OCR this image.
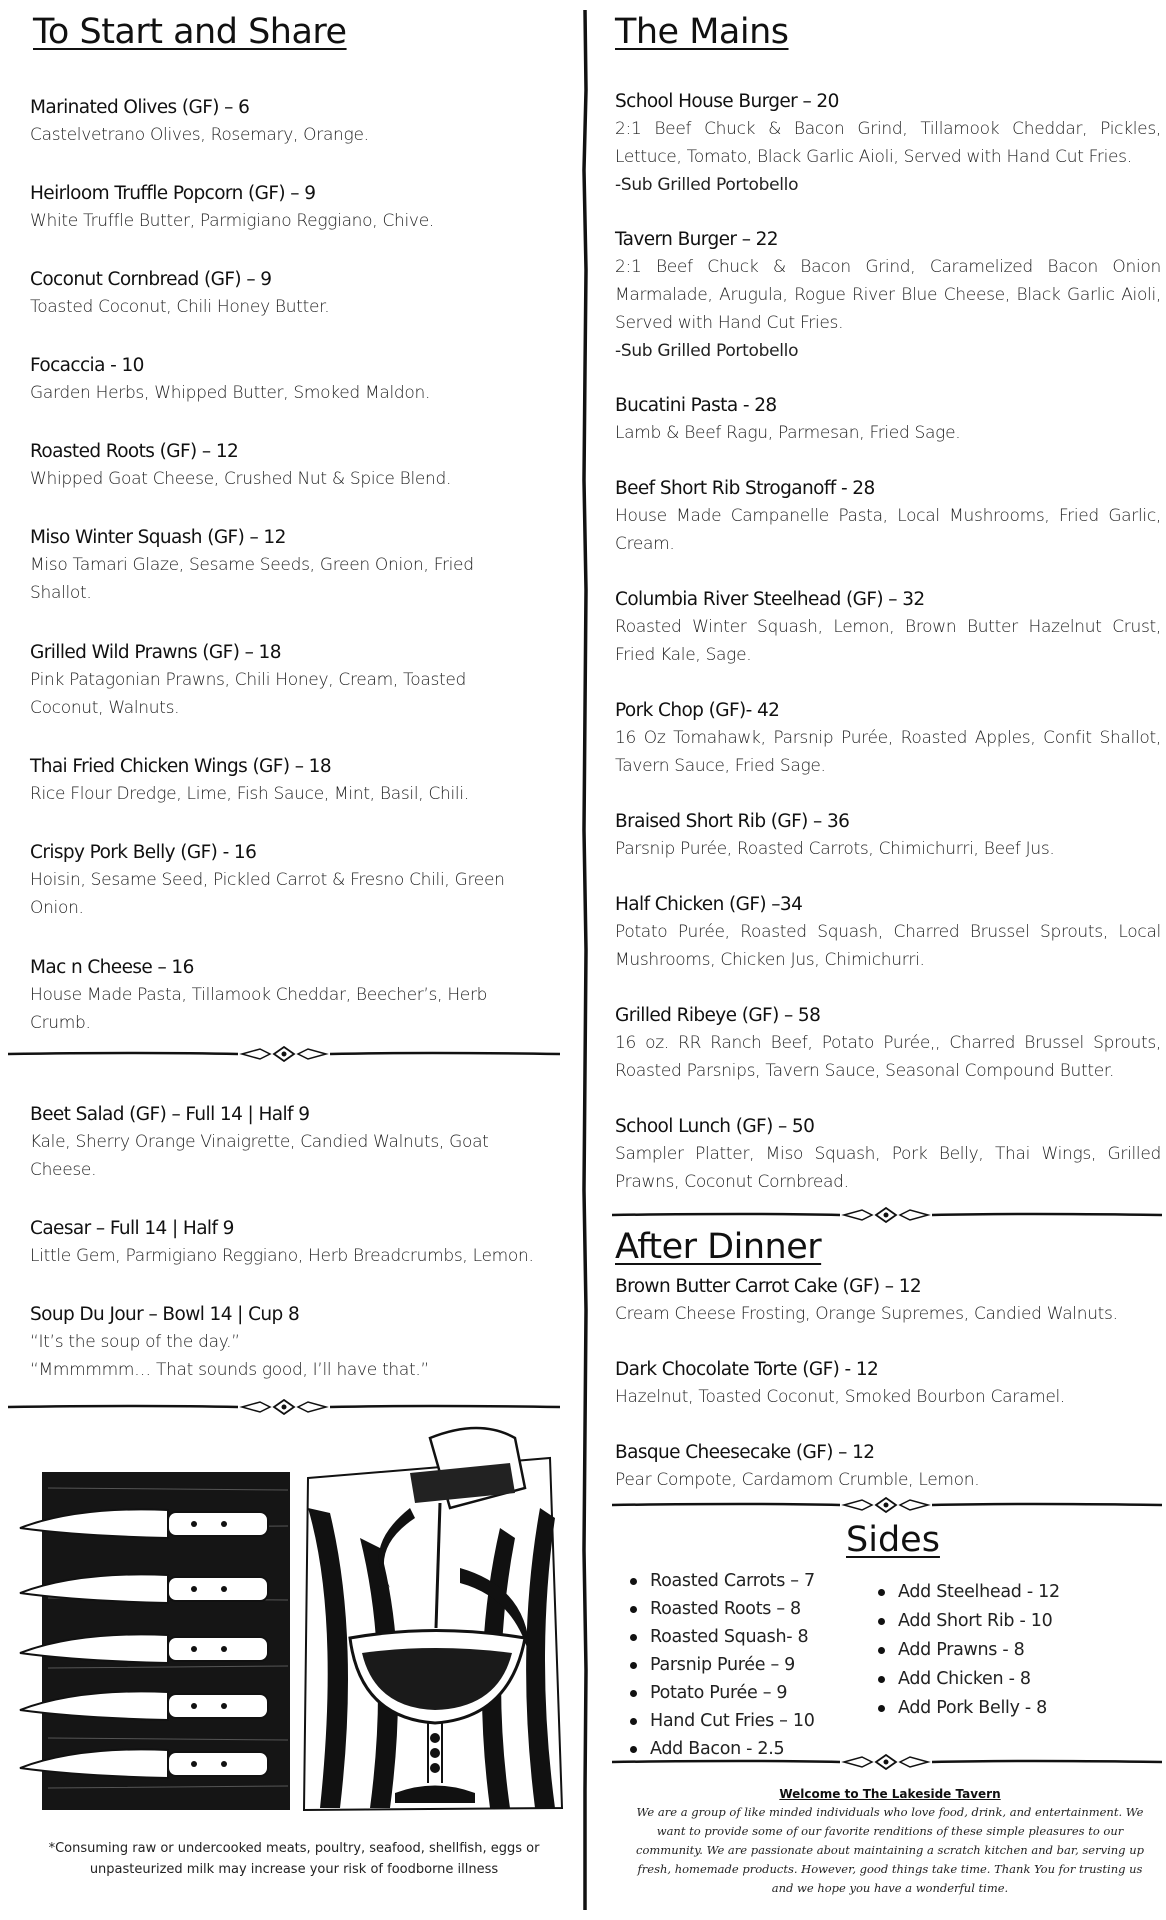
To Start and Share
Marinated Olives (GF) – 6
Castelvetrano Olives, Rosemary, Orange.
Heirloom Truffle Popcorn (GF) – 9
White Truffle Butter, Parmigiano Reggiano, Chive.
Coconut Cornbread (GF) – 9
Toasted Coconut, Chili Honey Butter.
Focaccia - 10
Garden Herbs, Whipped Butter, Smoked Maldon.
Roasted Roots (GF) – 12
Whipped Goat Cheese, Crushed Nut & Spice Blend.
Miso Winter Squash (GF) – 12
Miso Tamari Glaze, Sesame Seeds, Green Onion, Fried Shallot.
Grilled Wild Prawns (GF) – 18
Pink Patagonian Prawns, Chili Honey, Cream, Toasted Coconut, Walnuts.
Thai Fried Chicken Wings (GF) – 18
Rice Flour Dredge, Lime, Fish Sauce, Mint, Basil, Chili.
Crispy Pork Belly (GF) - 16
Hoisin, Sesame Seed, Pickled Carrot & Fresno Chili, Green Onion.
Mac n Cheese – 16
House Made Pasta, Tillamook Cheddar, Beecher’s, Herb Crumb.
Beet Salad (GF) – Full 14 | Half 9
Kale, Sherry Orange Vinaigrette, Candied Walnuts, Goat Cheese.
Caesar – Full 14 | Half 9
Little Gem, Parmigiano Reggiano, Herb Breadcrumbs, Lemon.
Soup Du Jour – Bowl 14 | Cup 8
“It’s the soup of the day.”
“Mmmmmm… That sounds good, I’ll have that.”
*Consuming raw or undercooked meats, poultry, seafood, shellfish, eggs or unpasteurized milk may increase your risk of foodborne illness
The Mains
School House Burger – 20
2:1 Beef Chuck & Bacon Grind, Tillamook Cheddar, Pickles, Lettuce, Tomato, Black Garlic Aioli, Served with Hand Cut Fries.
-Sub Grilled Portobello
Tavern Burger – 22
2:1 Beef Chuck & Bacon Grind, Caramelized Bacon Onion Marmalade, Arugula, Rogue River Blue Cheese, Black Garlic Aioli, Served with Hand Cut Fries.
-Sub Grilled Portobello
Bucatini Pasta - 28
Lamb & Beef Ragu, Parmesan, Fried Sage.
Beef Short Rib Stroganoff - 28
House Made Campanelle Pasta, Local Mushrooms, Fried Garlic, Cream.
Columbia River Steelhead (GF) – 32
Roasted Winter Squash, Lemon, Brown Butter Hazelnut Crust, Fried Kale, Sage.
Pork Chop (GF)- 42
16 Oz Tomahawk, Parsnip Purée, Roasted Apples, Confit Shallot, Tavern Sauce, Fried Sage.
Braised Short Rib (GF) – 36
Parsnip Purée, Roasted Carrots, Chimichurri, Beef Jus.
Half Chicken (GF) –34
Potato Purée, Roasted Squash, Charred Brussel Sprouts, Local Mushrooms, Chicken Jus, Chimichurri.
Grilled Ribeye (GF) – 58
16 oz. RR Ranch Beef, Potato Purée,, Charred Brussel Sprouts, Roasted Parsnips, Tavern Sauce, Seasonal Compound Butter.
School Lunch (GF) – 50
Sampler Platter, Miso Squash, Pork Belly, Thai Wings, Grilled Prawns, Coconut Cornbread.
After Dinner
Brown Butter Carrot Cake (GF) – 12
Cream Cheese Frosting, Orange Supremes, Candied Walnuts.
Dark Chocolate Torte (GF) - 12
Hazelnut, Toasted Coconut, Smoked Bourbon Caramel.
Basque Cheesecake (GF) – 12
Pear Compote, Cardamom Crumble, Lemon.
Sides
Roasted Carrots – 7
Roasted Roots – 8
Roasted Squash- 8
Parsnip Purée – 9
Potato Purée – 9
Hand Cut Fries – 10
Add Bacon - 2.5
Add Steelhead - 12
Add Short Rib - 10
Add Prawns - 8
Add Chicken - 8
Add Pork Belly - 8
Welcome to The Lakeside Tavern
We are a group of like minded individuals who love food, drink, and entertainment. We want to provide some of our favorite renditions of these simple pleasures to our community. We are passionate about maintaining a scratch kitchen and bar, serving up fresh, homemade products. However, good things take time. Thank You for trusting us and we hope you have a wonderful time.
